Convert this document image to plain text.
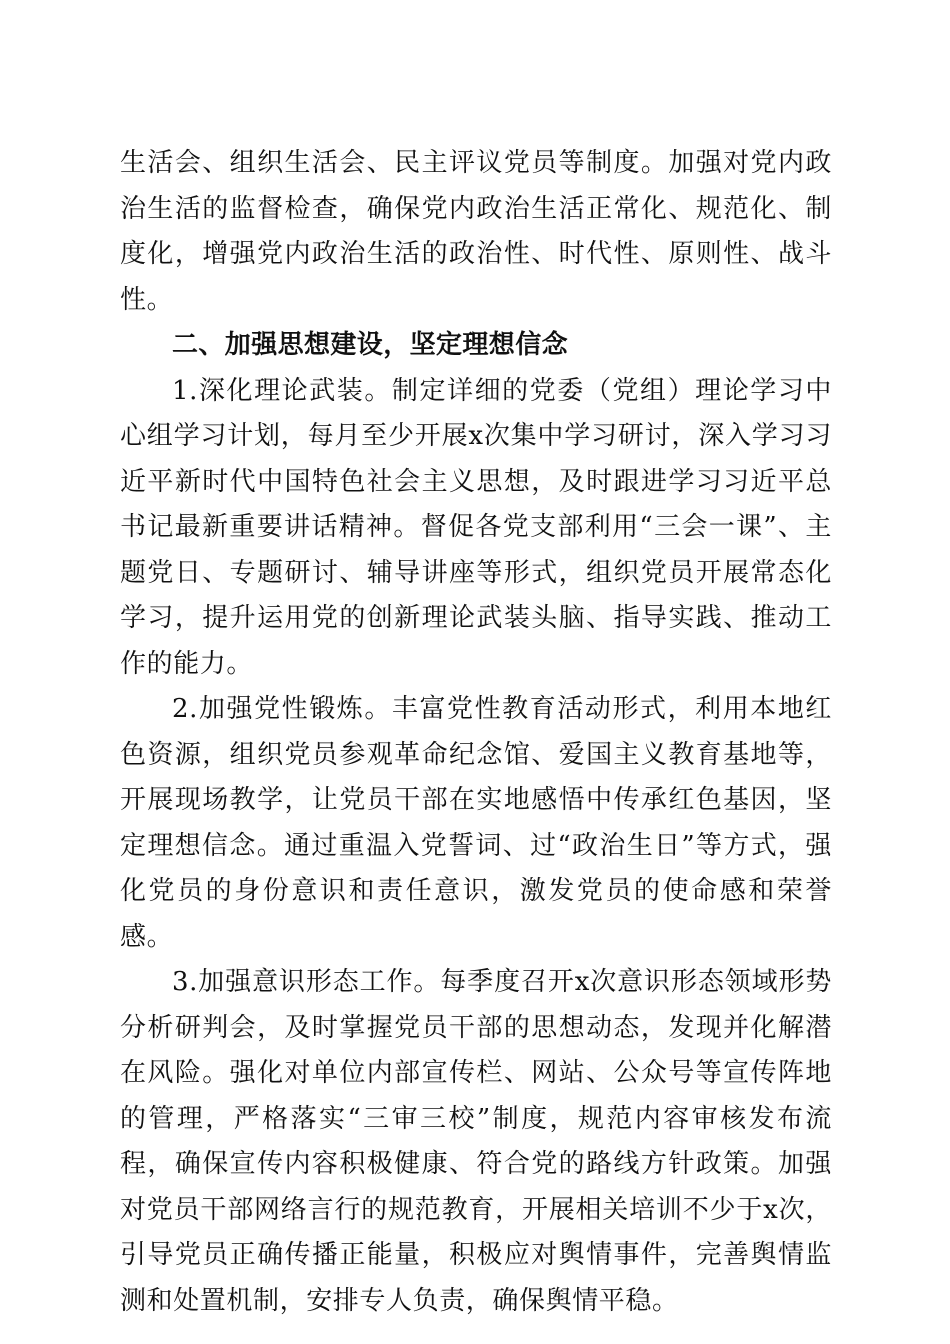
生活会、组织生活会、民主评议党员等制度。加强对党内政治生活的监督检查，确保党内政治生活正常化、规范化、制度化，增强党内政治生活的政治性、时代性、原则性、战斗性。

二、加强思想建设，坚定理想信念

1.深化理论武装。制定详细的党委（党组）理论学习中心组学习计划，每月至少开展x次集中学习研讨，深入学习习近平新时代中国特色社会主义思想，及时跟进学习习近平总书记最新重要讲话精神。督促各党支部利用“三会一课”、主题党日、专题研讨、辅导讲座等形式，组织党员开展常态化学习，提升运用党的创新理论武装头脑、指导实践、推动工作的能力。

2.加强党性锻炼。丰富党性教育活动形式，利用本地红色资源，组织党员参观革命纪念馆、爱国主义教育基地等，开展现场教学，让党员干部在实地感悟中传承红色基因，坚定理想信念。通过重温入党誓词、过“政治生日”等方式，强化党员的身份意识和责任意识，激发党员的使命感和荣誉感。

3.加强意识形态工作。每季度召开x次意识形态领域形势分析研判会，及时掌握党员干部的思想动态，发现并化解潜在风险。强化对单位内部宣传栏、网站、公众号等宣传阵地的管理，严格落实“三审三校”制度，规范内容审核发布流程，确保宣传内容积极健康、符合党的路线方针政策。加强对党员干部网络言行的规范教育，开展相关培训不少于x次，引导党员正确传播正能量，积极应对舆情事件，完善舆情监测和处置机制，安排专人负责，确保舆情平稳。
